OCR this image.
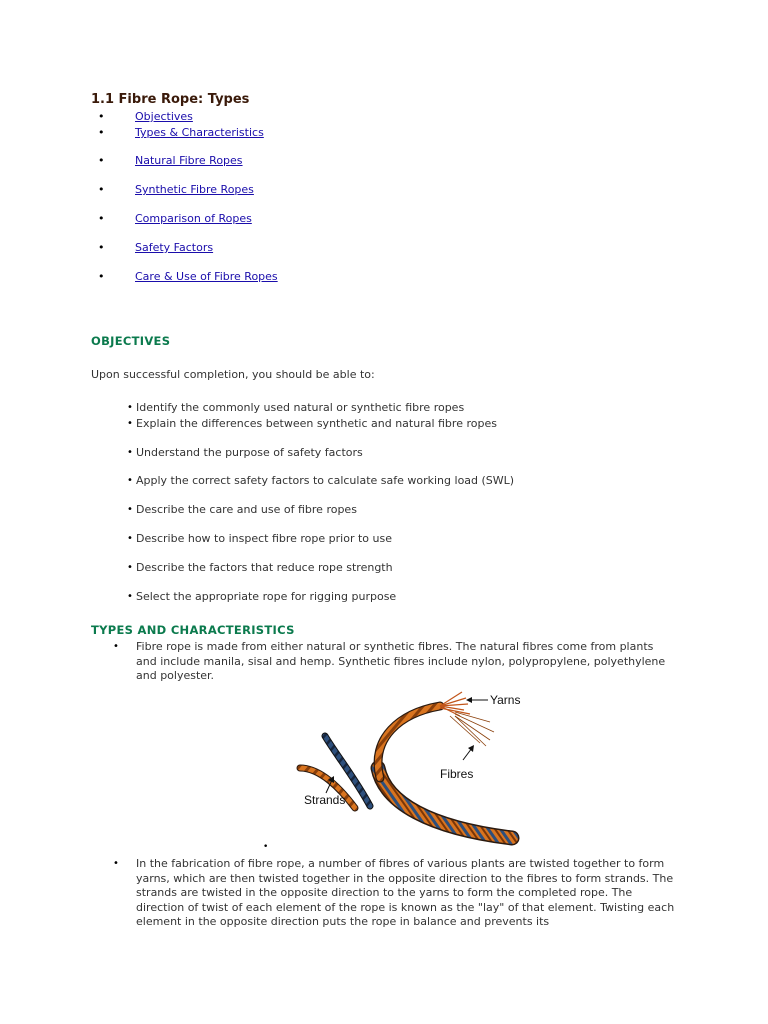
1.1 Fibre Rope: Types
•	Objectives
•	Types & Characteristics
•	Natural Fibre Ropes
•	Synthetic Fibre Ropes
•	Comparison of Ropes
•	Safety Factors
•	Care & Use of Fibre Ropes
OBJECTIVES
Upon successful completion, you should be able to:
• Identify the commonly used natural or synthetic fibre ropes
• Explain the differences between synthetic and natural fibre ropes
• Understand the purpose of safety factors
• Apply the correct safety factors to calculate safe working load (SWL)
• Describe the care and use of fibre ropes
• Describe how to inspect fibre rope prior to use
• Describe the factors that reduce rope strength
• Select the appropriate rope for rigging purpose
TYPES AND CHARACTERISTICS
• Fibre rope is made from either natural or synthetic fibres. The natural fibres come from plants and include manila, sisal and hemp. Synthetic fibres include nylon, polypropylene, polyethylene and polyester.
Yarns
Fibres
Strands
•
• In the fabrication of fibre rope, a number of fibres of various plants are twisted together to form yarns, which are then twisted together in the opposite direction to the fibres to form strands. The strands are twisted in the opposite direction to the yarns to form the completed rope. The direction of twist of each element of the rope is known as the "lay" of that element. Twisting each element in the opposite direction puts the rope in balance and prevents its
